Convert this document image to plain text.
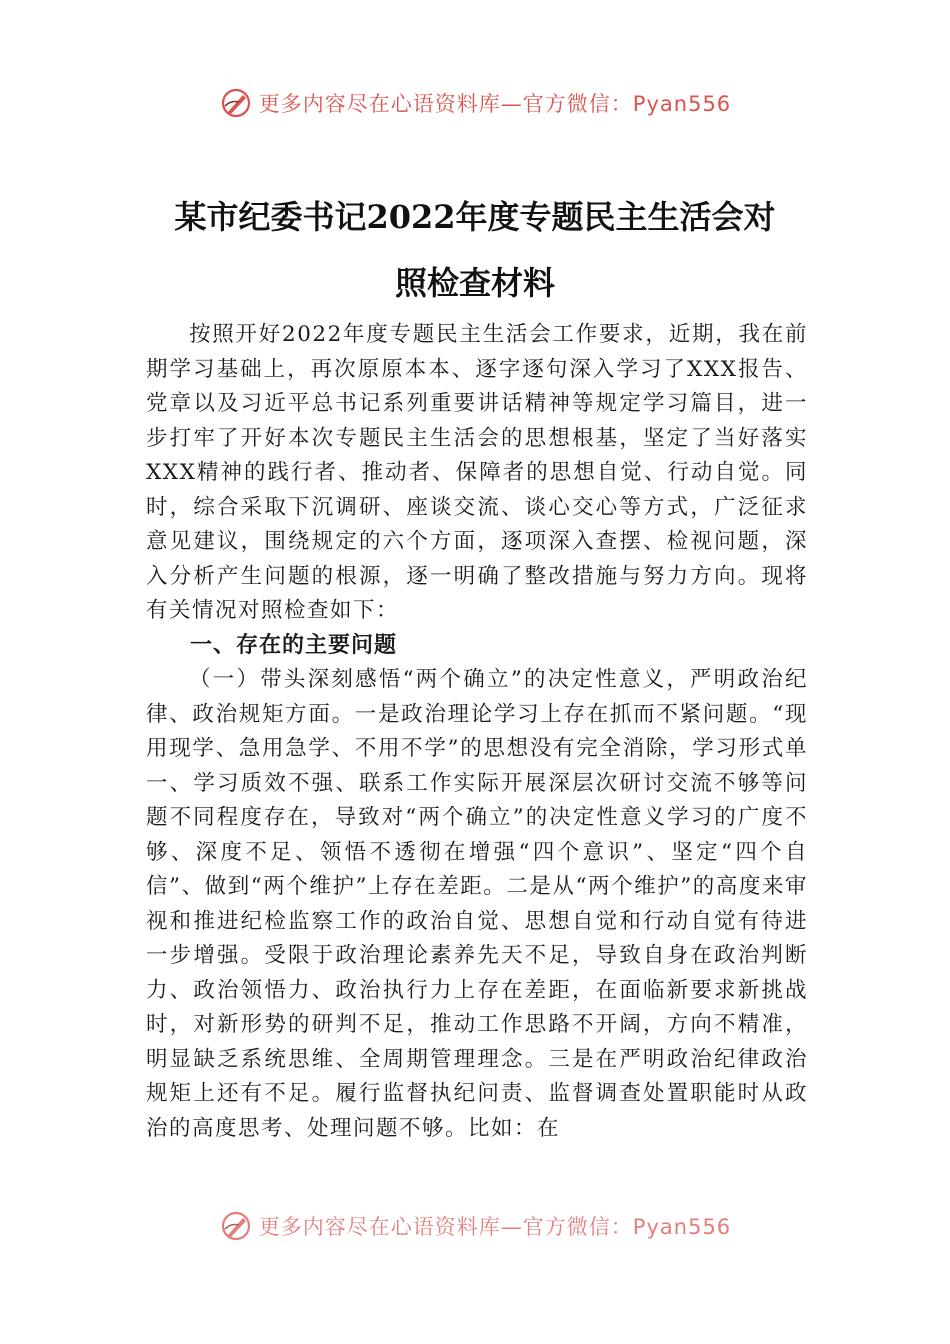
更多内容尽在心语资料库—官方微信：Pyan556
某市纪委书记2022年度专题民主生活会对
照检查材料

按照开好2022年度专题民主生活会工作要求，近期，我在前期学习基础上，再次原原本本、逐字逐句深入学习了XXX报告、党章以及习近平总书记系列重要讲话精神等规定学习篇目，进一步打牢了开好本次专题民主生活会的思想根基，坚定了当好落实XXX精神的践行者、推动者、保障者的思想自觉、行动自觉。同时，综合采取下沉调研、座谈交流、谈心交心等方式，广泛征求意见建议，围绕规定的六个方面，逐项深入查摆、检视问题，深入分析产生问题的根源，逐一明确了整改措施与努力方向。现将有关情况对照检查如下：

一、存在的主要问题

（一）带头深刻感悟“两个确立”的决定性意义，严明政治纪律、政治规矩方面。一是政治理论学习上存在抓而不紧问题。“现用现学、急用急学、不用不学”的思想没有完全消除，学习形式单一、学习质效不强、联系工作实际开展深层次研讨交流不够等问题不同程度存在，导致对“两个确立”的决定性意义学习的广度不够、深度不足、领悟不透彻在增强“四个意识”、坚定“四个自信”、做到“两个维护”上存在差距。二是从“两个维护”的高度来审视和推进纪检监察工作的政治自觉、思想自觉和行动自觉有待进一步增强。受限于政治理论素养先天不足，导致自身在政治判断力、政治领悟力、政治执行力上存在差距，在面临新要求新挑战时，对新形势的研判不足，推动工作思路不开阔，方向不精准，明显缺乏系统思维、全周期管理理念。三是在严明政治纪律政治规矩上还有不足。履行监督执纪问责、监督调查处置职能时从政治的高度思考、处理问题不够。比如：在

更多内容尽在心语资料库—官方微信：Pyan556
